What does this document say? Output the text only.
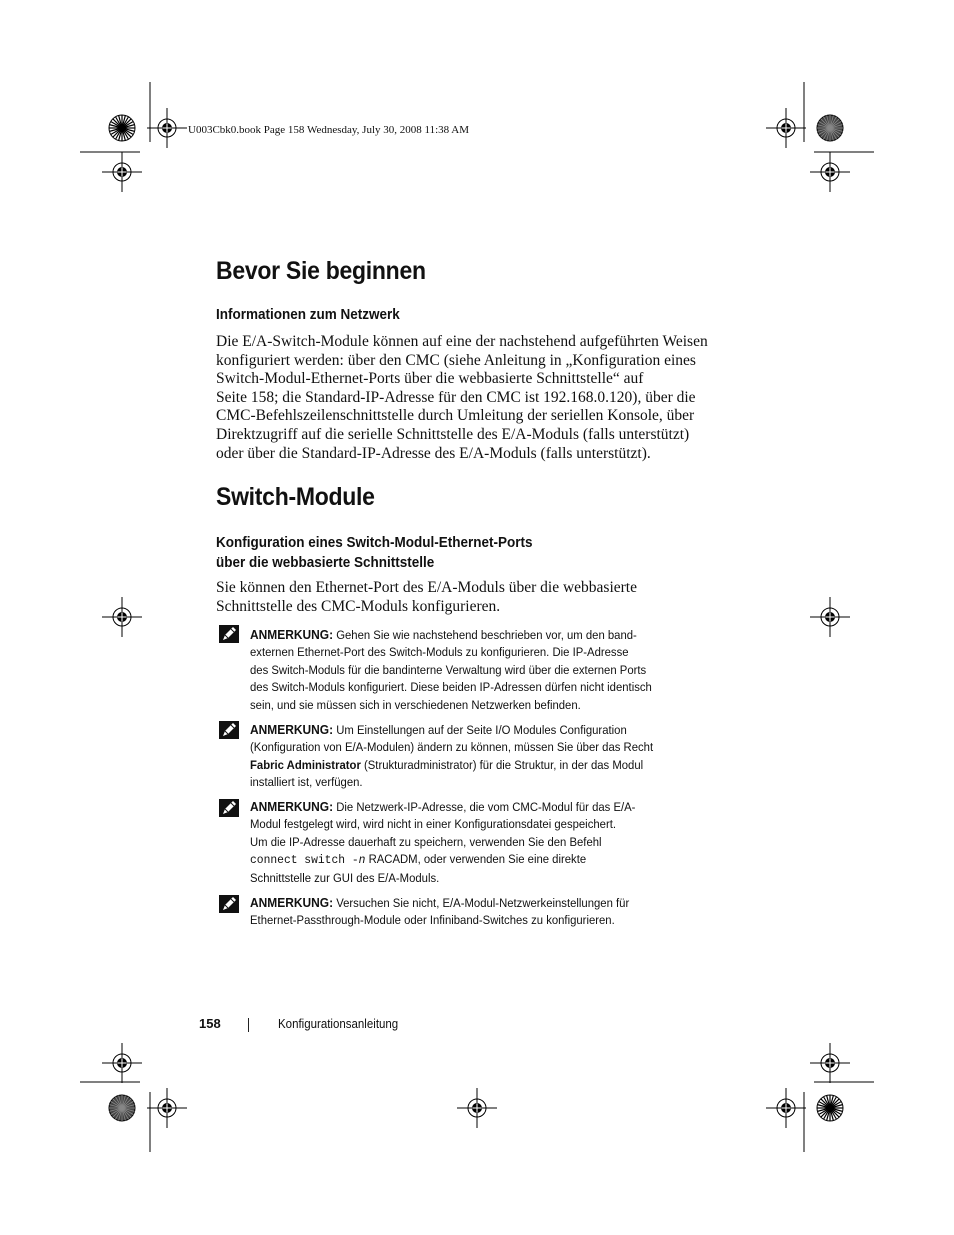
U003Cbk0.book Page 158 Wednesday, July 30, 2008 11:38 AM
Bevor Sie beginnen
Informationen zum Netzwerk
Die E/A-Switch-Module können auf eine der nachstehend aufgeführten Weisen
konfiguriert werden: über den CMC (siehe Anleitung in „Konfiguration eines
Switch-Modul-Ethernet-Ports über die webbasierte Schnittstelle“ auf
Seite 158; die Standard-IP-Adresse für den CMC ist 192.168.0.120), über die
CMC-Befehlszeilenschnittstelle durch Umleitung der seriellen Konsole, über
Direktzugriff auf die serielle Schnittstelle des E/A-Moduls (falls unterstützt)
oder über die Standard-IP-Adresse des E/A-Moduls (falls unterstützt).
Switch-Module
Konfiguration eines Switch-Modul-Ethernet-Ports
über die webbasierte Schnittstelle
Sie können den Ethernet-Port des E/A-Moduls über die webbasierte
Schnittstelle des CMC-Moduls konfigurieren.
ANMERKUNG: Gehen Sie wie nachstehend beschrieben vor, um den band-
externen Ethernet-Port des Switch-Moduls zu konfigurieren. Die IP-Adresse
des Switch-Moduls für die bandinterne Verwaltung wird über die externen Ports
des Switch-Moduls konfiguriert. Diese beiden IP-Adressen dürfen nicht identisch
sein, und sie müssen sich in verschiedenen Netzwerken befinden.
ANMERKUNG: Um Einstellungen auf der Seite I/O Modules Configuration
(Konfiguration von E/A-Modulen) ändern zu können, müssen Sie über das Recht
Fabric Administrator (Strukturadministrator) für die Struktur, in der das Modul
installiert ist, verfügen.
ANMERKUNG: Die Netzwerk-IP-Adresse, die vom CMC-Modul für das E/A-
Modul festgelegt wird, wird nicht in einer Konfigurationsdatei gespeichert.
Um die IP-Adresse dauerhaft zu speichern, verwenden Sie den Befehl
connect switch -n RACADM, oder verwenden Sie eine direkte
Schnittstelle zur GUI des E/A-Moduls.
ANMERKUNG: Versuchen Sie nicht, E/A-Modul-Netzwerkeinstellungen für
Ethernet-Passthrough-Module oder Infiniband-Switches zu konfigurieren.
158	Konfigurationsanleitung
